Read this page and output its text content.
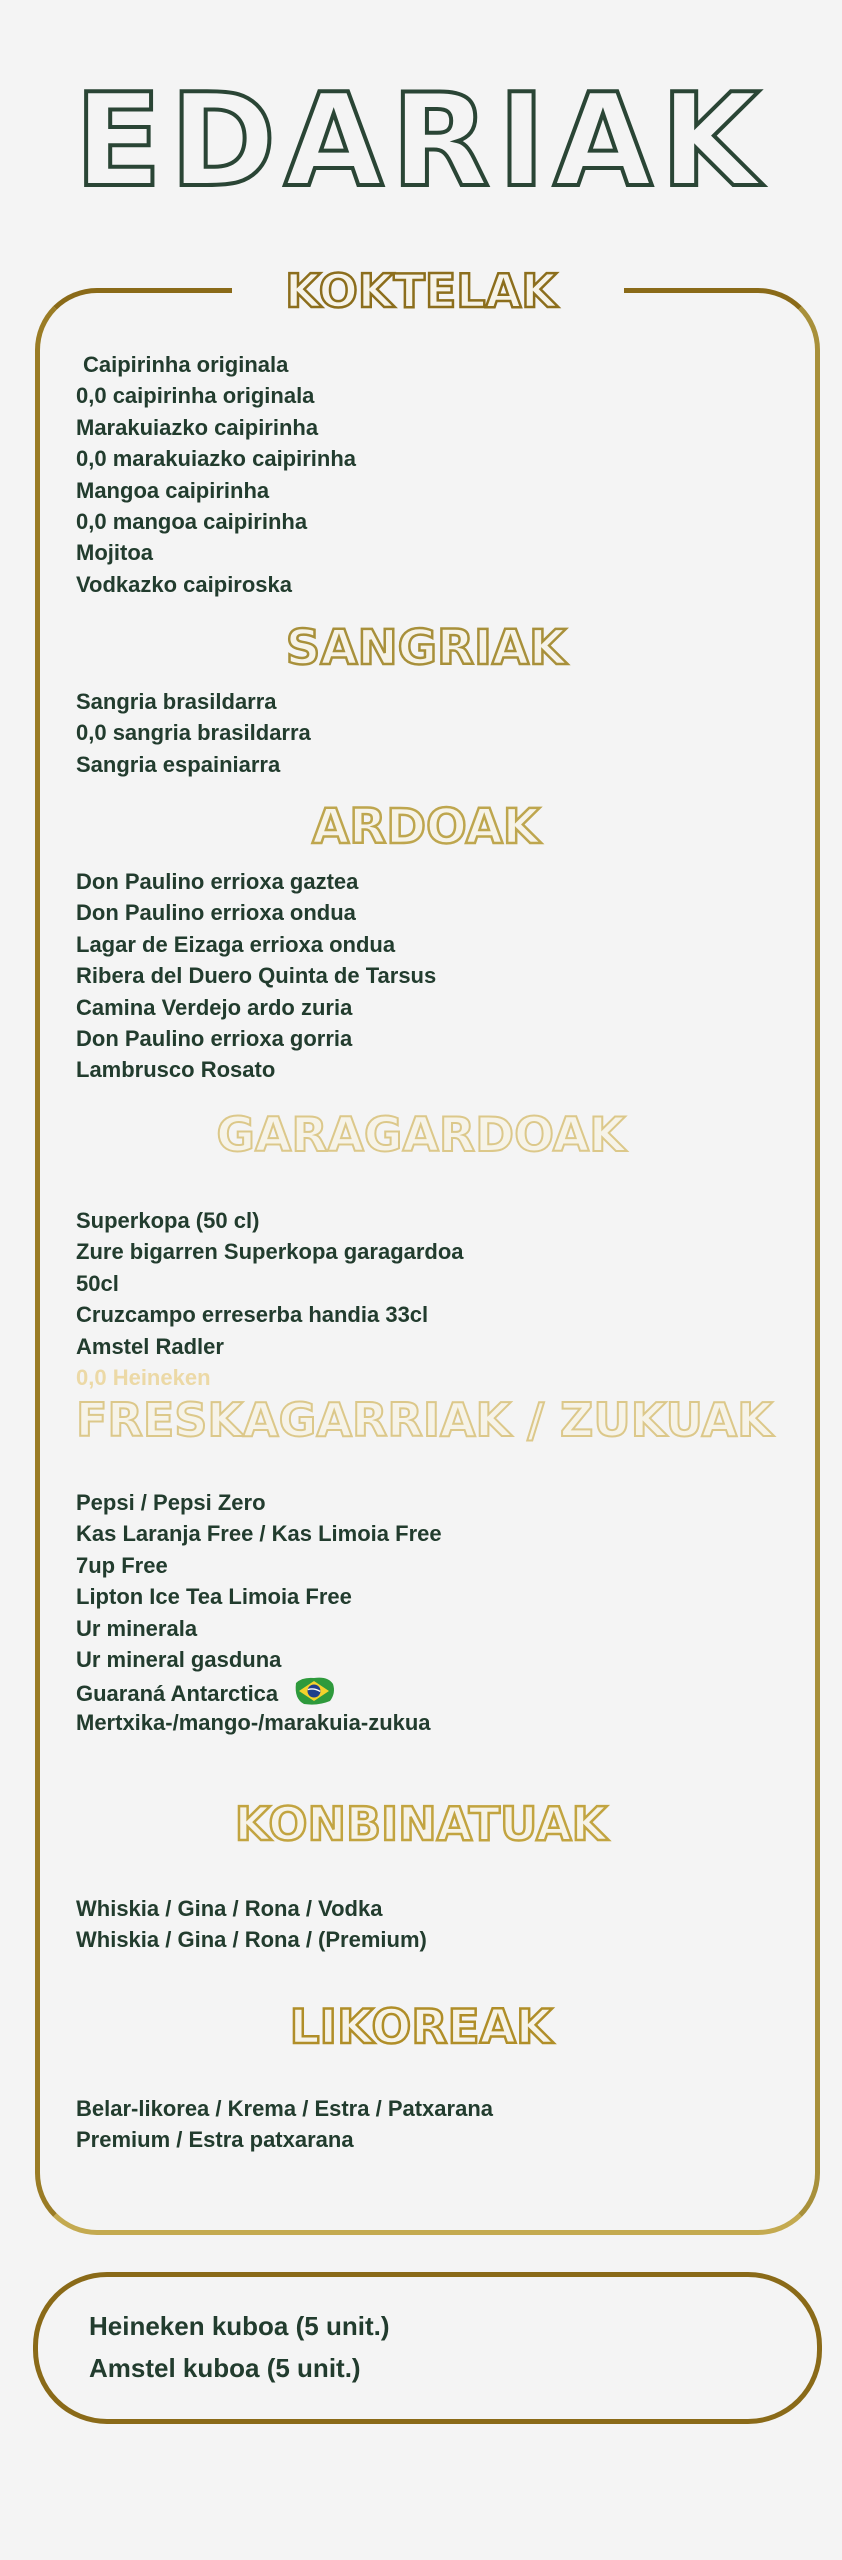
EDARIAK
KOKTELAK
Caipirinha originala
0,0 caipirinha originala
Marakuiazko caipirinha
0,0 marakuiazko caipirinha
Mangoa caipirinha
0,0 mangoa caipirinha
Mojitoa
Vodkazko caipiroska
SANGRIAK
Sangria brasildarra
0,0 sangria brasildarra
Sangria espainiarra
ARDOAK
Don Paulino errioxa gaztea
Don Paulino errioxa ondua
Lagar de Eizaga errioxa ondua
Ribera del Duero Quinta de Tarsus
Camina Verdejo ardo zuria
Don Paulino errioxa gorria
Lambrusco Rosato
GARAGARDOAK
Superkopa (50 cl)
Zure bigarren Superkopa garagardoa
50cl
Cruzcampo erreserba handia 33cl
Amstel Radler
0,0 Heineken
FRESKAGARRIAK / ZUKUAK
Pepsi / Pepsi Zero
Kas Laranja Free / Kas Limoia Free
7up Free
Lipton Ice Tea Limoia Free
Ur minerala
Ur mineral gasduna
Guaraná Antarctica
Mertxika-/mango-/marakuia-zukua
KONBINATUAK
Whiskia / Gina / Rona / Vodka
Whiskia / Gina / Rona / (Premium)
LIKOREAK
Belar-likorea / Krema / Estra / Patxarana
Premium / Estra patxarana
Heineken kuboa (5 unit.)
Amstel kuboa (5 unit.)
